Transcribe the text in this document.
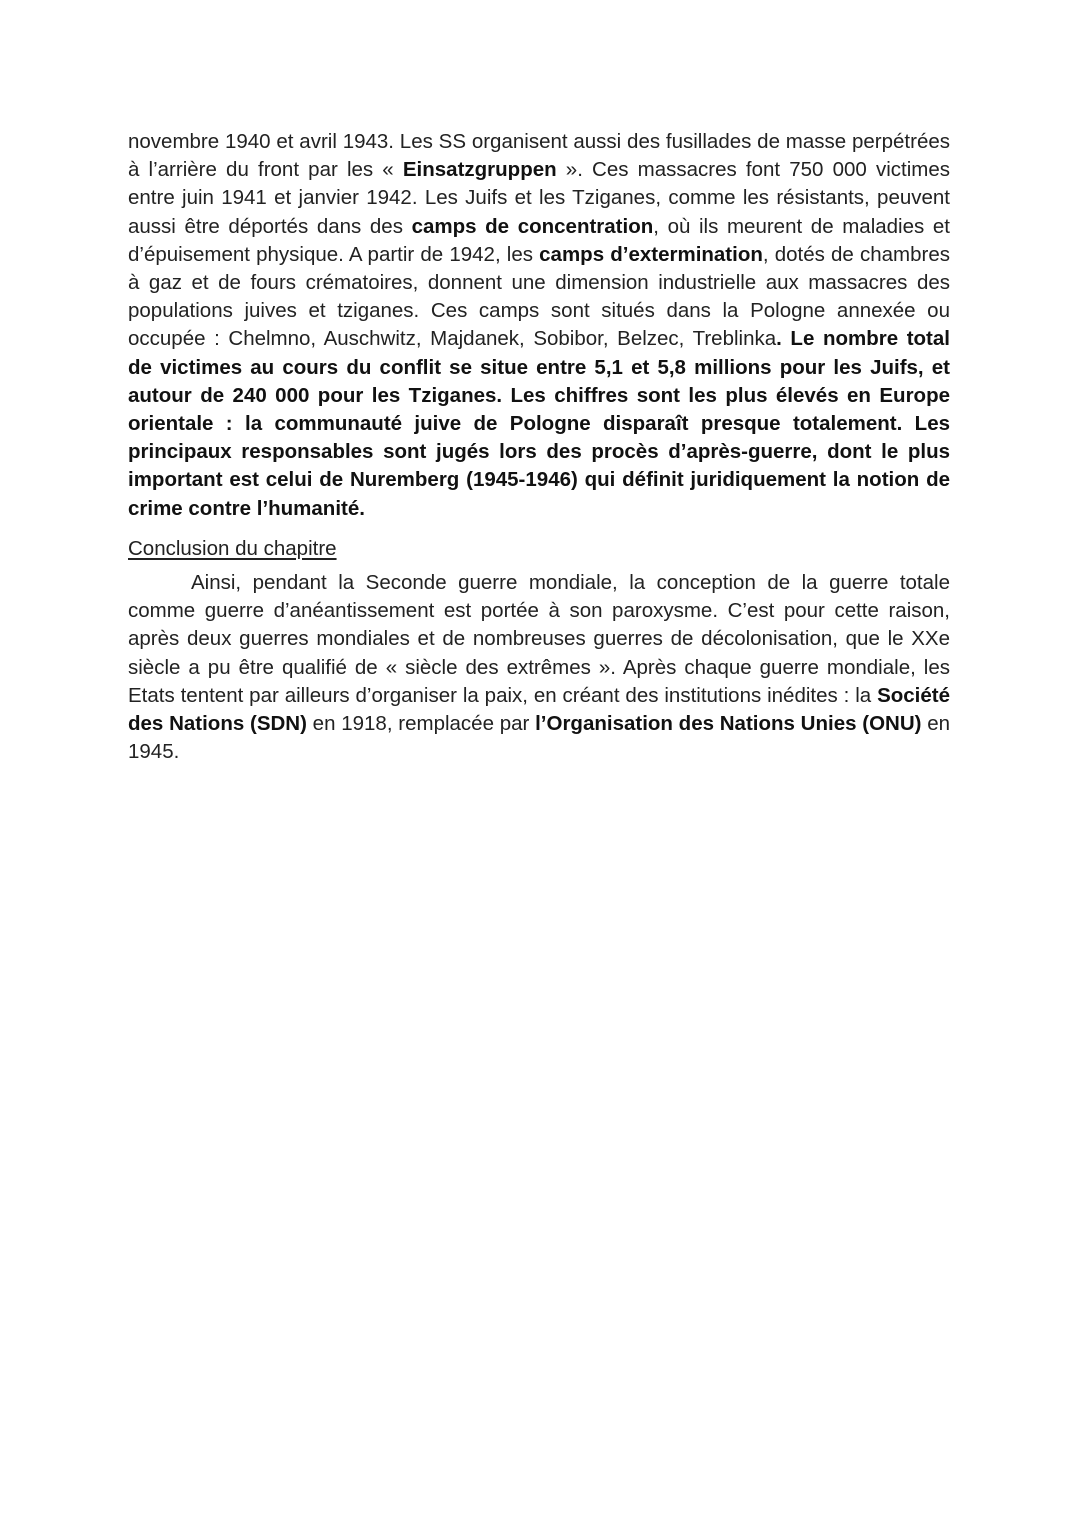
novembre 1940 et avril 1943. Les SS organisent aussi des fusillades de masse perpétrées à l’arrière du front par les « Einsatzgruppen ». Ces massacres font 750 000 victimes entre juin 1941 et janvier 1942. Les Juifs et les Tziganes, comme les résistants, peuvent aussi être déportés dans des camps de concentration, où ils meurent de maladies et d’épuisement physique. A partir de 1942, les camps d’extermination, dotés de chambres à gaz et de fours crématoires, donnent une dimension industrielle aux massacres des populations juives et tziganes. Ces camps sont situés dans la Pologne annexée ou occupée : Chelmno, Auschwitz, Majdanek, Sobibor, Belzec, Treblinka. Le nombre total de victimes au cours du conflit se situe entre 5,1 et 5,8 millions pour les Juifs, et autour de 240 000 pour les Tziganes. Les chiffres sont les plus élevés en Europe orientale : la communauté juive de Pologne disparaît presque totalement. Les principaux responsables sont jugés lors des procès d’après-guerre, dont le plus important est celui de Nuremberg (1945-1946) qui définit juridiquement la notion de crime contre l’humanité.

Conclusion du chapitre

Ainsi, pendant la Seconde guerre mondiale, la conception de la guerre totale comme guerre d’anéantissement est portée à son paroxysme. C’est pour cette raison, après deux guerres mondiales et de nombreuses guerres de décolonisation, que le XXe siècle a pu être qualifié de « siècle des extrêmes ». Après chaque guerre mondiale, les Etats tentent par ailleurs d’organiser la paix, en créant des institutions inédites : la Société des Nations (SDN) en 1918, remplacée par l’Organisation des Nations Unies (ONU) en 1945.
